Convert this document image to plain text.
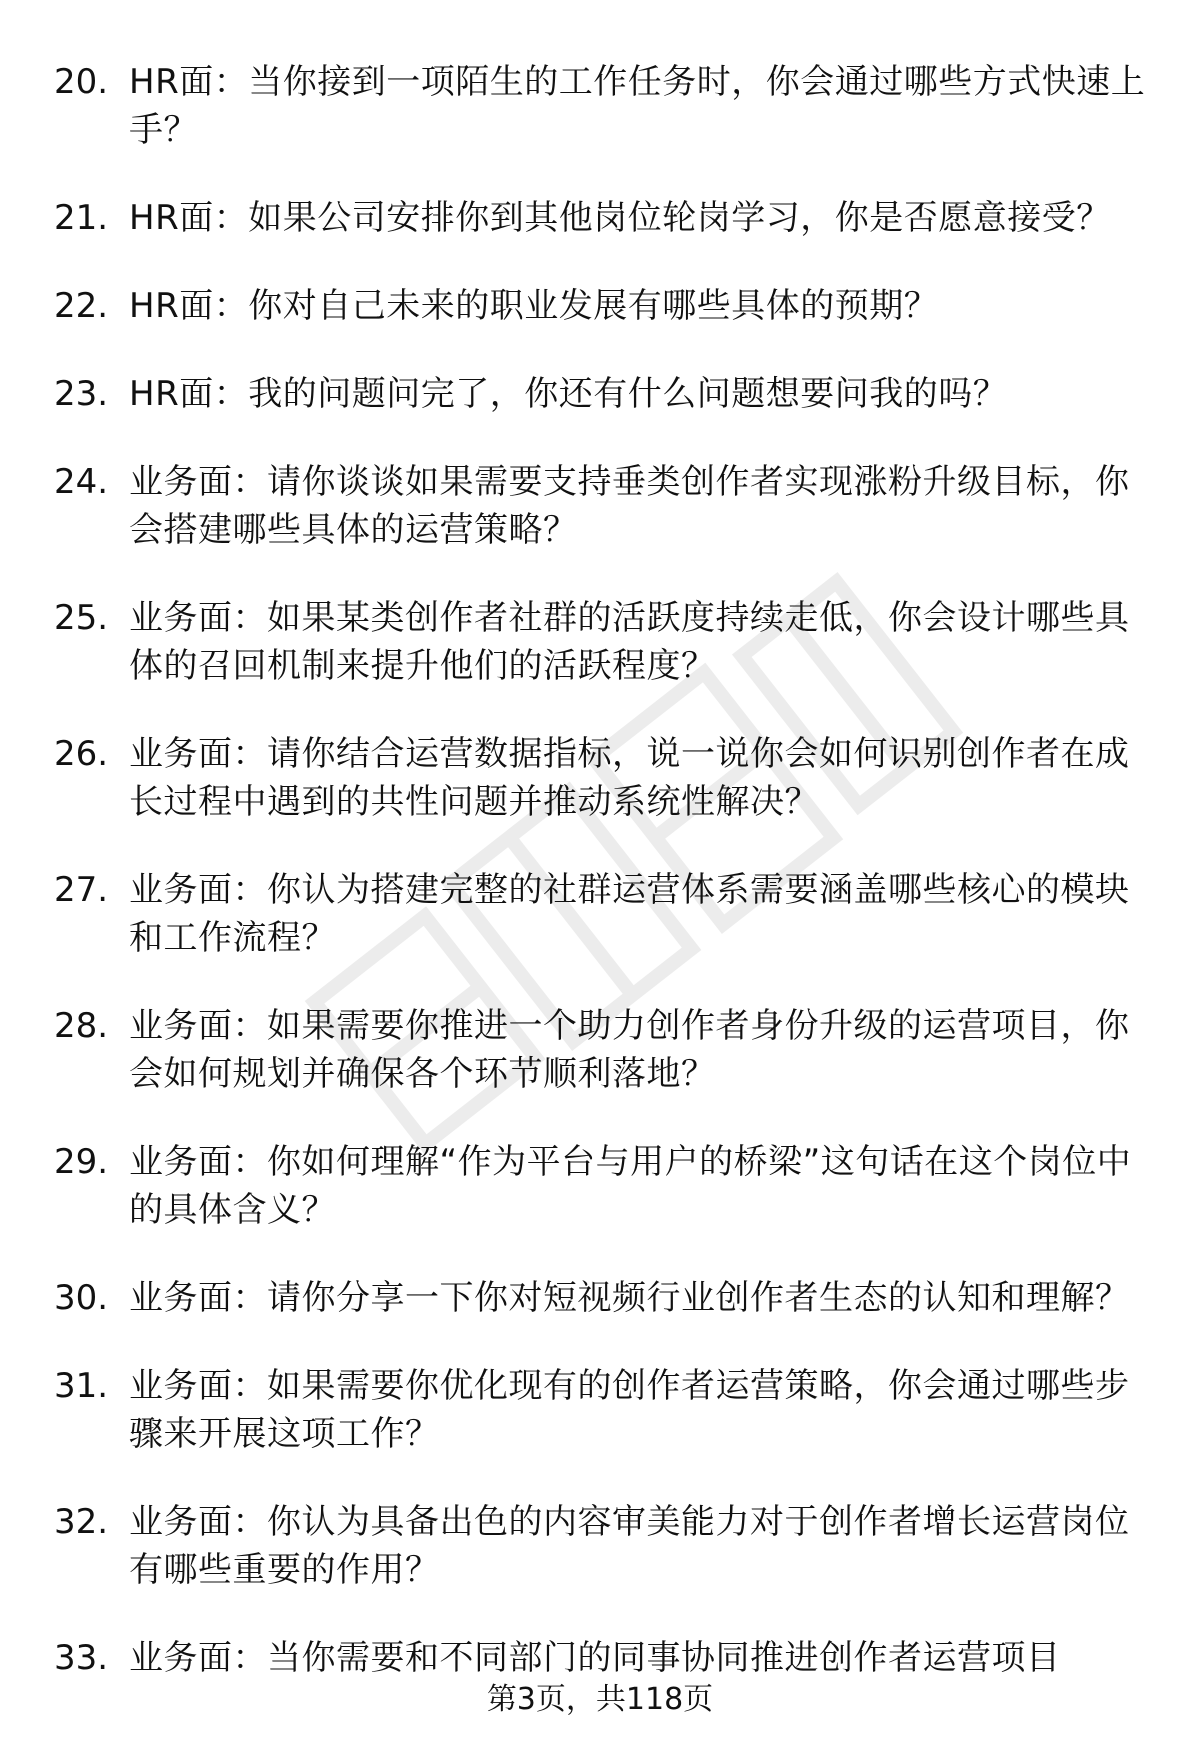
20. HR面：当你接到一项陌生的工作任务时，你会通过哪些方式快速上手？
21. HR面：如果公司安排你到其他岗位轮岗学习，你是否愿意接受？
22. HR面：你对自己未来的职业发展有哪些具体的预期？
23. HR面：我的问题问完了，你还有什么问题想要问我的吗？
24. 业务面：请你谈谈如果需要支持垂类创作者实现涨粉升级目标，你会搭建哪些具体的运营策略？
25. 业务面：如果某类创作者社群的活跃度持续走低，你会设计哪些具体的召回机制来提升他们的活跃程度？
26. 业务面：请你结合运营数据指标，说一说你会如何识别创作者在成长过程中遇到的共性问题并推动系统性解决？
27. 业务面：你认为搭建完整的社群运营体系需要涵盖哪些核心的模块和工作流程？
28. 业务面：如果需要你推进一个助力创作者身份升级的运营项目，你会如何规划并确保各个环节顺利落地？
29. 业务面：你如何理解“作为平台与用户的桥梁”这句话在这个岗位中的具体含义？
30. 业务面：请你分享一下你对短视频行业创作者生态的认知和理解？
31. 业务面：如果需要你优化现有的创作者运营策略，你会通过哪些步骤来开展这项工作？
32. 业务面：你认为具备出色的内容审美能力对于创作者增长运营岗位有哪些重要的作用？
33. 业务面：当你需要和不同部门的同事协同推进创作者运营项目
第3页，共118页
